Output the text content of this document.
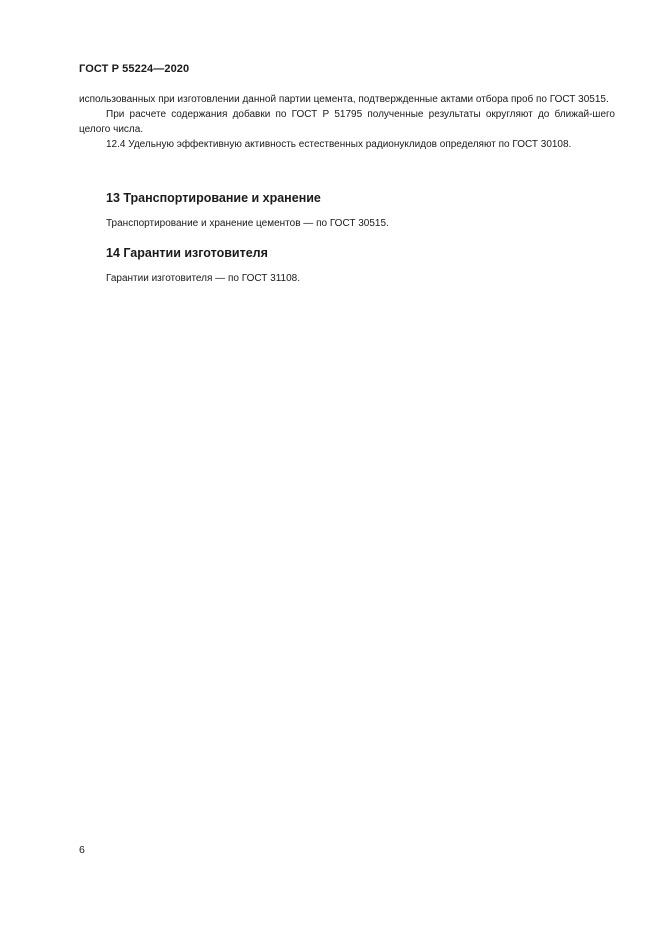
ГОСТ Р 55224—2020

использованных при изготовлении данной партии цемента, подтвержденные актами отбора проб по ГОСТ 30515.

При расчете содержания добавки по ГОСТ Р 51795 полученные результаты округляют до ближай-шего целого числа.

12.4 Удельную эффективную активность естественных радионуклидов определяют по ГОСТ 30108.

13 Транспортирование и хранение
Транспортирование и хранение цементов — по ГОСТ 30515.
14 Гарантии изготовителя
Гарантии изготовителя — по ГОСТ 31108.
6
